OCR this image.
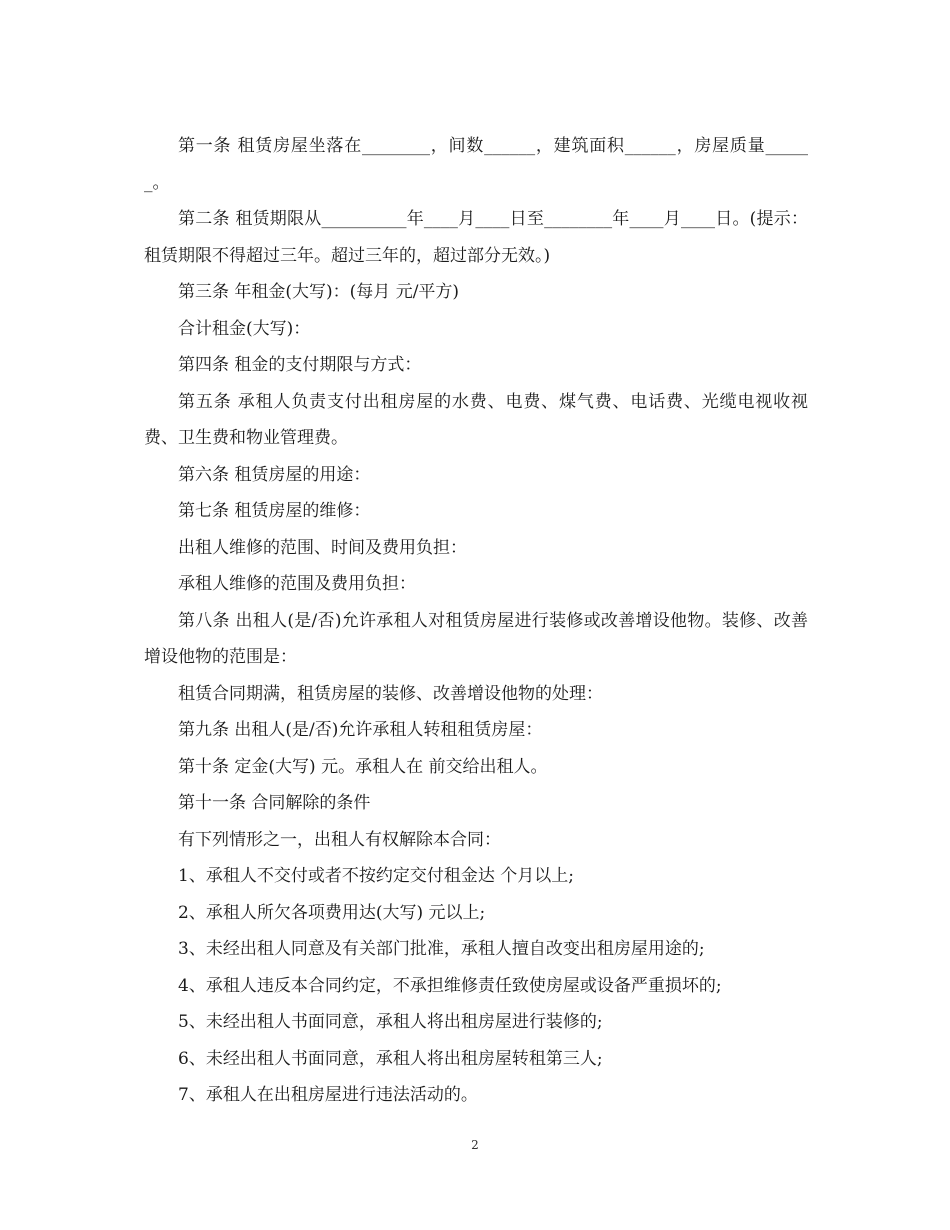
第一条 租赁房屋坐落在________，间数______，建筑面积______，房屋质量______。

第二条 租赁期限从__________年____月____日至________年____月____日。(提示：租赁期限不得超过三年。超过三年的，超过部分无效。)

第三条 年租金(大写)：(每月 元/平方)

合计租金(大写)：

第四条 租金的支付期限与方式：

第五条 承租人负责支付出租房屋的水费、电费、煤气费、电话费、光缆电视收视费、卫生费和物业管理费。

第六条 租赁房屋的用途：

第七条 租赁房屋的维修：

出租人维修的范围、时间及费用负担：

承租人维修的范围及费用负担：

第八条 出租人(是/否)允许承租人对租赁房屋进行装修或改善增设他物。装修、改善增设他物的范围是：

租赁合同期满，租赁房屋的装修、改善增设他物的处理：

第九条 出租人(是/否)允许承租人转租租赁房屋：

第十条 定金(大写) 元。承租人在 前交给出租人。

第十一条 合同解除的条件

有下列情形之一，出租人有权解除本合同：

1、承租人不交付或者不按约定交付租金达 个月以上;

2、承租人所欠各项费用达(大写) 元以上;

3、未经出租人同意及有关部门批准，承租人擅自改变出租房屋用途的;

4、承租人违反本合同约定，不承担维修责任致使房屋或设备严重损坏的;

5、未经出租人书面同意，承租人将出租房屋进行装修的;

6、未经出租人书面同意，承租人将出租房屋转租第三人;

7、承租人在出租房屋进行违法活动的。

2
